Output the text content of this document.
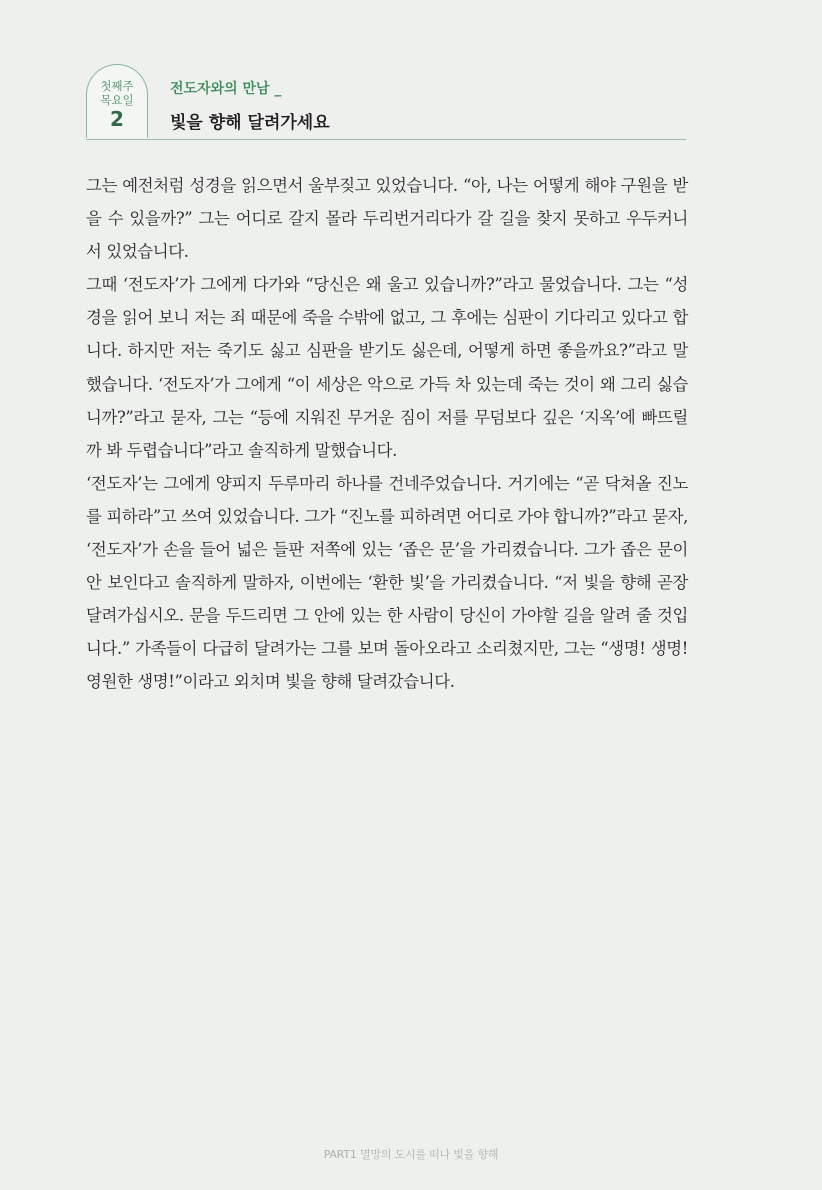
첫째주
목요일
2
전도자와의 만남 _
빛을 향해 달려가세요

그는 예전처럼 성경을 읽으면서 울부짖고 있었습니다. “아, 나는 어떻게 해야 구원을 받을 수 있을까?” 그는 어디로 갈지 몰라 두리번거리다가 갈 길을 찾지 못하고 우두커니 서 있었습니다.

그때 ‘전도자’가 그에게 다가와 “당신은 왜 울고 있습니까?”라고 물었습니다. 그는 “성경을 읽어 보니 저는 죄 때문에 죽을 수밖에 없고, 그 후에는 심판이 기다리고 있다고 합니다. 하지만 저는 죽기도 싫고 심판을 받기도 싫은데, 어떻게 하면 좋을까요?”라고 말했습니다. ‘전도자’가 그에게 “이 세상은 악으로 가득 차 있는데 죽는 것이 왜 그리 싫습니까?”라고 묻자, 그는 “등에 지워진 무거운 짐이 저를 무덤보다 깊은 ‘지옥’에 빠뜨릴까 봐 두렵습니다”라고 솔직하게 말했습니다.

‘전도자’는 그에게 양피지 두루마리 하나를 건네주었습니다. 거기에는 “곧 닥쳐올 진노를 피하라”고 쓰여 있었습니다. 그가 “진노를 피하려면 어디로 가야 합니까?”라고 묻자, ‘전도자’가 손을 들어 넓은 들판 저쪽에 있는 ‘좁은 문’을 가리켰습니다. 그가 좁은 문이 안 보인다고 솔직하게 말하자, 이번에는 ‘환한 빛’을 가리켰습니다. “저 빛을 향해 곧장 달려가십시오. 문을 두드리면 그 안에 있는 한 사람이 당신이 가야할 길을 알려 줄 것입니다.” 가족들이 다급히 달려가는 그를 보며 돌아오라고 소리쳤지만, 그는 “생명! 생명! 영원한 생명!”이라고 외치며 빛을 향해 달려갔습니다.

PART1 멸망의 도시를 떠나 빛을 향해
